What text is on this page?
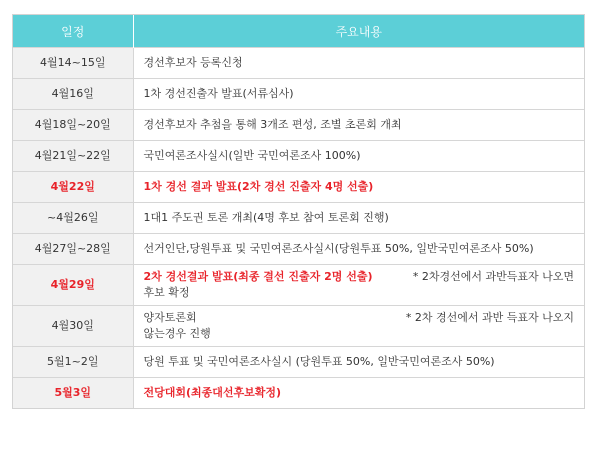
일정	주요내용
4월14~15일	경선후보자 등록신청
4월16일	1차 경선진출자 발표(서류심사)
4월18일~20일	경선후보자 추첨을 통해 3개조 편성, 조별 초론회 개최
4월21일~22일	국민여론조사실시(일반 국민여론조사 100%)
4월22일	1차 경선 결과 발표(2차 경선 진출자 4명 선출)
~4월26일	1대1 주도권 토론 개최(4명 후보 참여 토론회 진행)
4월27일~28일	선거인단,당원투표 및 국민여론조사실시(당원투표 50%, 일반국민여론조사 50%)
4월29일	2차 경선결과 발표(최종 결선 진출자 2명 선출) * 2차경선에서 과반득표자 나오면
후보 확정

4월30일	양자토론회 * 2차 경선에서 과반 득표자 나오지
않는경우 진행

5월1~2일	당원 투표 및 국민여론조사실시 (당원투표 50%, 일반국민여론조사 50%)
5월3일	전당대회(최종대선후보확정)
